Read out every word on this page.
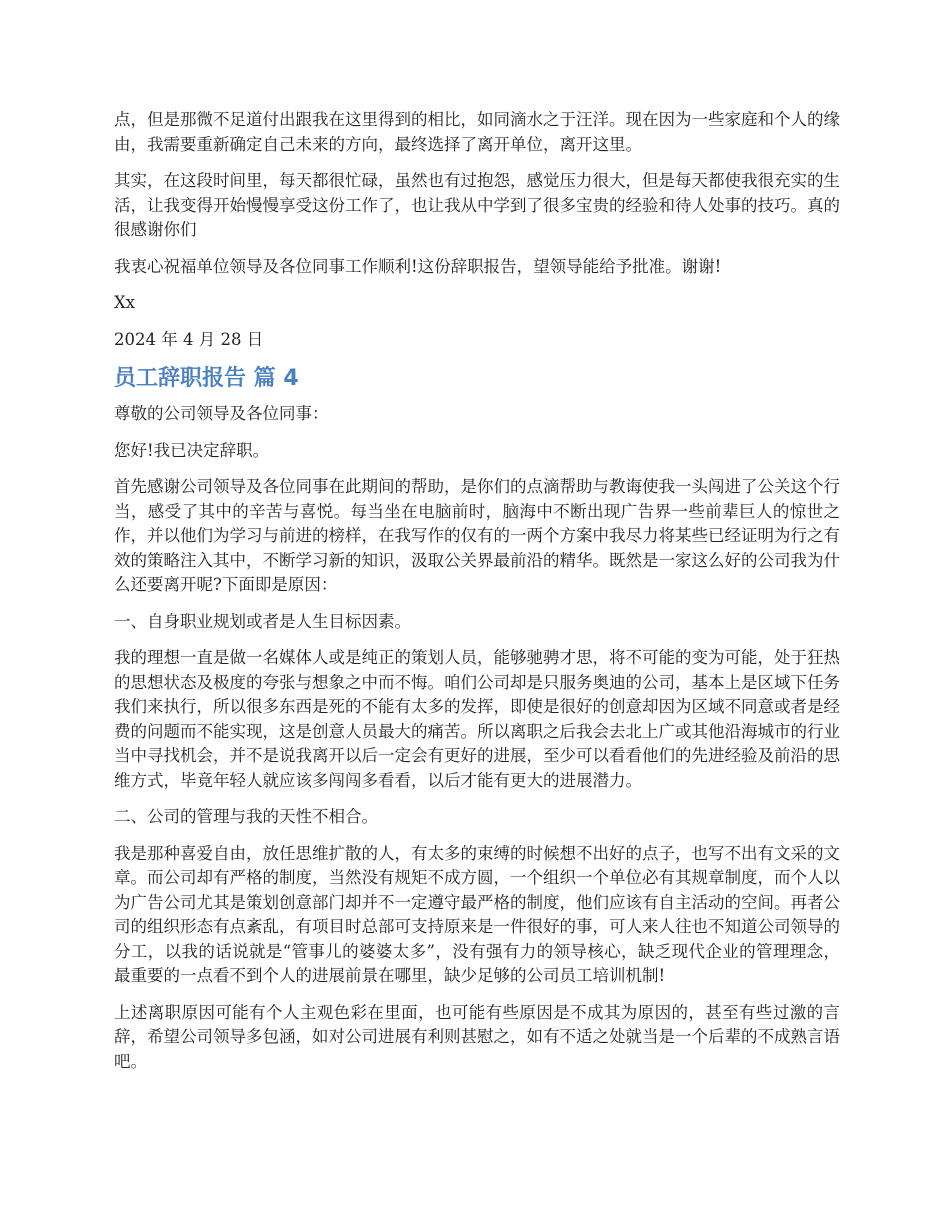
点，但是那微不足道付出跟我在这里得到的相比，如同滴水之于汪洋。现在因为一些家庭和个人的缘由，我需要重新确定自己未来的方向，最终选择了离开单位，离开这里。

其实，在这段时间里，每天都很忙碌，虽然也有过抱怨，感觉压力很大，但是每天都使我很充实的生活，让我变得开始慢慢享受这份工作了，也让我从中学到了很多宝贵的经验和待人处事的技巧。真的很感谢你们

我衷心祝福单位领导及各位同事工作顺利!这份辞职报告，望领导能给予批准。谢谢!

Xx

2024 年 4 月 28 日

员工辞职报告 篇 4

尊敬的公司领导及各位同事：

您好!我已决定辞职。

首先感谢公司领导及各位同事在此期间的帮助，是你们的点滴帮助与教诲使我一头闯进了公关这个行当，感受了其中的辛苦与喜悦。每当坐在电脑前时，脑海中不断出现广告界一些前辈巨人的惊世之作，并以他们为学习与前进的榜样，在我写作的仅有的一两个方案中我尽力将某些已经证明为行之有效的策略注入其中，不断学习新的知识，汲取公关界最前沿的精华。既然是一家这么好的公司我为什么还要离开呢?下面即是原因：

一、自身职业规划或者是人生目标因素。

我的理想一直是做一名媒体人或是纯正的策划人员，能够驰骋才思，将不可能的变为可能，处于狂热的思想状态及极度的夸张与想象之中而不悔。咱们公司却是只服务奥迪的公司，基本上是区域下任务我们来执行，所以很多东西是死的不能有太多的发挥，即使是很好的创意却因为区域不同意或者是经费的问题而不能实现，这是创意人员最大的痛苦。所以离职之后我会去北上广或其他沿海城市的行业当中寻找机会，并不是说我离开以后一定会有更好的进展，至少可以看看他们的先进经验及前沿的思维方式，毕竟年轻人就应该多闯闯多看看，以后才能有更大的进展潜力。

二、公司的管理与我的天性不相合。

我是那种喜爱自由，放任思维扩散的人，有太多的束缚的时候想不出好的点子，也写不出有文采的文章。而公司却有严格的制度，当然没有规矩不成方圆，一个组织一个单位必有其规章制度，而个人以为广告公司尤其是策划创意部门却并不一定遵守最严格的制度，他们应该有自主活动的空间。再者公司的组织形态有点紊乱，有项目时总部可支持原来是一件很好的事，可人来人往也不知道公司领导的分工，以我的话说就是“管事儿的婆婆太多”，没有强有力的领导核心，缺乏现代企业的管理理念，最重要的一点看不到个人的进展前景在哪里，缺少足够的公司员工培训机制!

上述离职原因可能有个人主观色彩在里面，也可能有些原因是不成其为原因的，甚至有些过激的言辞，希望公司领导多包涵，如对公司进展有利则甚慰之，如有不适之处就当是一个后辈的不成熟言语吧。
